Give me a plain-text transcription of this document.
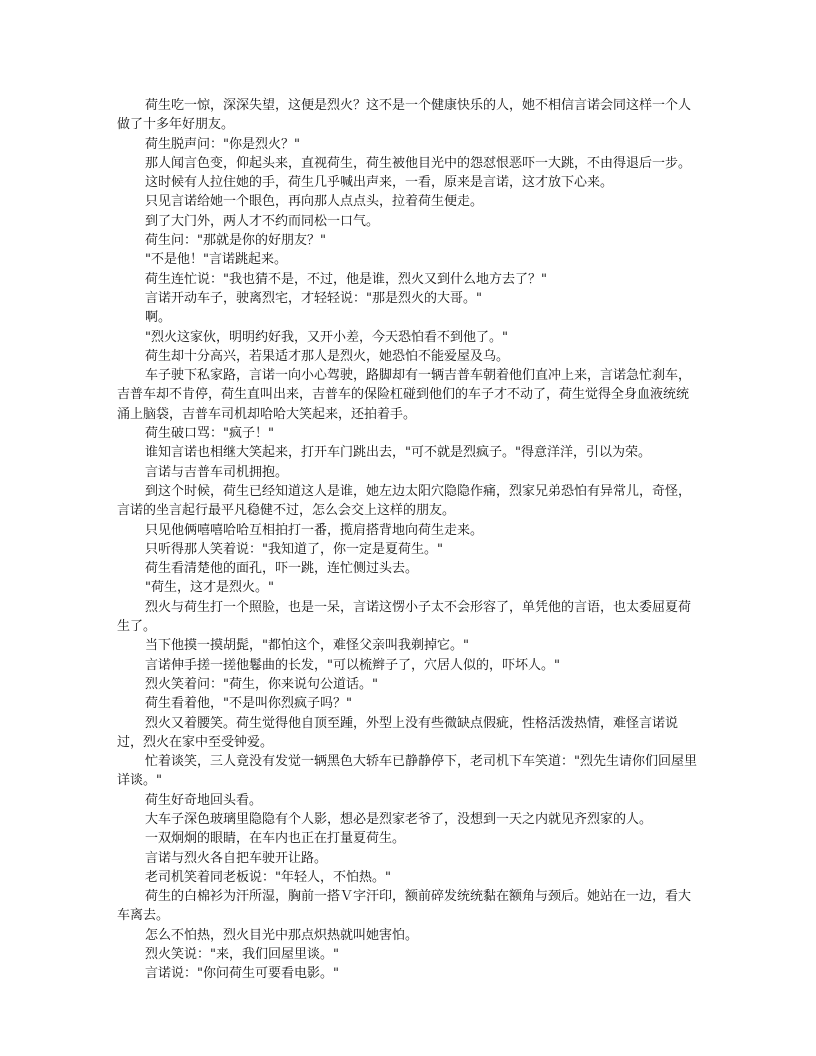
荷生吃一惊，深深失望，这便是烈火？这不是一个健康快乐的人，她不相信言诺会同这样一个人做了十多年好朋友。

荷生脱声问："你是烈火？"

那人闻言色变，仰起头来，直视荷生，荷生被他目光中的怨怼恨恶吓一大跳，不由得退后一步。

这时候有人拉住她的手，荷生几乎喊出声来，一看，原来是言诺，这才放下心来。

只见言诺给她一个眼色，再向那人点点头，拉着荷生便走。

到了大门外，两人才不约而同松一口气。

荷生问："那就是你的好朋友？"

"不是他！"言诺跳起来。

荷生连忙说："我也猜不是，不过，他是谁，烈火又到什么地方去了？"

言诺开动车子，驶离烈宅，才轻轻说："那是烈火的大哥。"

啊。

"烈火这家伙，明明约好我，又开小差，今天恐怕看不到他了。"

荷生却十分高兴，若果适才那人是烈火，她恐怕不能爱屋及乌。

车子驶下私家路，言诺一向小心驾驶，路脚却有一辆吉普车朝着他们直冲上来，言诺急忙刹车，吉普车却不肯停，荷生直叫出来，吉普车的保险杠碰到他们的车子才不动了，荷生觉得全身血液统统涌上脑袋，吉普车司机却哈哈大笑起来，还拍着手。

荷生破口骂："疯子！"

谁知言诺也相继大笑起来，打开车门跳出去，"可不就是烈疯子。"得意洋洋，引以为荣。

言诺与吉普车司机拥抱。

到这个时候，荷生已经知道这人是谁，她左边太阳穴隐隐作痛，烈家兄弟恐怕有异常儿，奇怪，言诺的坐言起行最平凡稳健不过，怎么会交上这样的朋友。

只见他俩嘻嘻哈哈互相拍打一番，揽肩搭背地向荷生走来。

只听得那人笑着说："我知道了，你一定是夏荷生。"

荷生看清楚他的面孔，吓一跳，连忙侧过头去。

"荷生，这才是烈火。"

烈火与荷生打一个照脸，也是一呆，言诺这愣小子太不会形容了，单凭他的言语，也太委屈夏荷生了。

当下他摸一摸胡髭，"都怕这个，难怪父亲叫我剃掉它。"

言诺伸手搓一搓他鬈曲的长发，"可以梳辫子了，穴居人似的，吓坏人。"

烈火笑着问："荷生，你来说句公道话。"

荷生看着他，"不是叫你烈疯子吗？"

烈火又着腰笑。荷生觉得他自顶至踵，外型上没有些微缺点假疵，性格活泼热情，难怪言诺说过，烈火在家中至受钟爱。

忙着谈笑，三人竟没有发觉一辆黑色大轿车已静静停下，老司机下车笑道："烈先生请你们回屋里详谈。"

荷生好奇地回头看。

大车子深色玻璃里隐隐有个人影，想必是烈家老爷了，没想到一天之内就见齐烈家的人。

一双炯炯的眼睛，在车内也正在打量夏荷生。

言诺与烈火各自把车驶开让路。

老司机笑着同老板说："年轻人，不怕热。"

荷生的白棉衫为汗所湿，胸前一搭Ｖ字汗印，额前碎发统统黏在额角与颈后。她站在一边，看大车离去。

怎么不怕热，烈火目光中那点炽热就叫她害怕。

烈火笑说："来，我们回屋里谈。"

言诺说："你问荷生可要看电影。"
